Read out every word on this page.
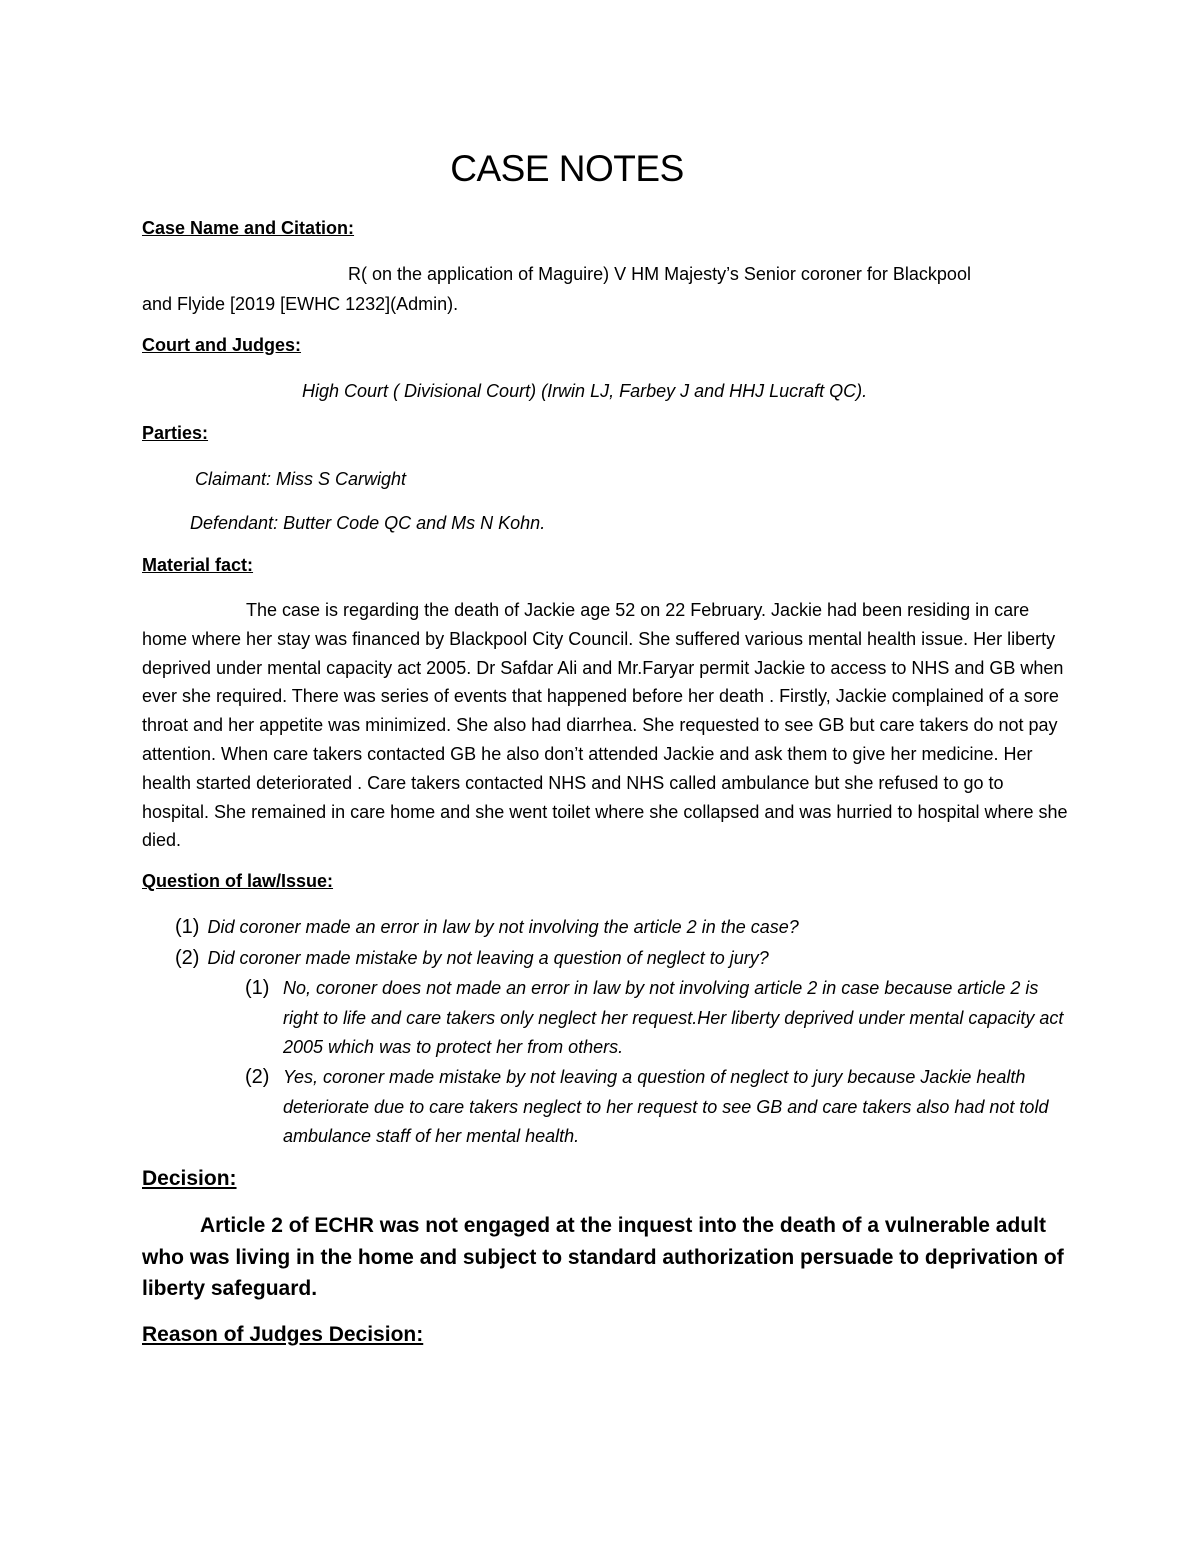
CASE NOTES
Case Name and Citation:
R( on the application of Maguire) V HM Majesty’s Senior coroner for Blackpool
and Flyide [2019 [EWHC 1232](Admin).
Court and Judges:
High Court ( Divisional Court) (Irwin LJ, Farbey J and HHJ Lucraft QC).
Parties:
Claimant: Miss S Carwight
Defendant: Butter Code QC and Ms N Kohn.
Material fact:
The case is regarding the death of Jackie age 52 on 22 February. Jackie had been residing in care home where her stay was financed by Blackpool City Council. She suffered various mental health issue. Her liberty deprived under mental capacity act 2005. Dr Safdar Ali and Mr.Faryar permit Jackie to access to NHS and GB when ever she required. There was series of events that happened before her death . Firstly, Jackie complained of a sore throat and her appetite was minimized. She also had diarrhea. She requested to see GB but care takers do not pay attention. When care takers contacted GB he also don’t attended Jackie and ask them to give her medicine. Her health started deteriorated . Care takers contacted NHS and NHS called ambulance but she refused to go to hospital. She remained in care home and she went toilet where she collapsed and was hurried to hospital where she died.
Question of law/Issue:
(1) Did coroner made an error in law by not involving the article 2 in the case?
(2) Did coroner made mistake by not leaving a question of neglect to jury?
(1) No, coroner does not made an error in law by not involving article 2 in case because article 2 is right to life and care takers only neglect her request.Her liberty deprived under mental capacity act 2005 which was to protect her from others.
(2) Yes, coroner made mistake by not leaving a question of neglect to jury because Jackie health deteriorate due to care takers neglect to her request to see GB and care takers also had not told ambulance staff of her mental health.
Decision:
Article 2 of ECHR was not engaged at the inquest into the death of a vulnerable adult who was living in the home and subject to standard authorization persuade to deprivation of liberty safeguard.
Reason of Judges Decision:
